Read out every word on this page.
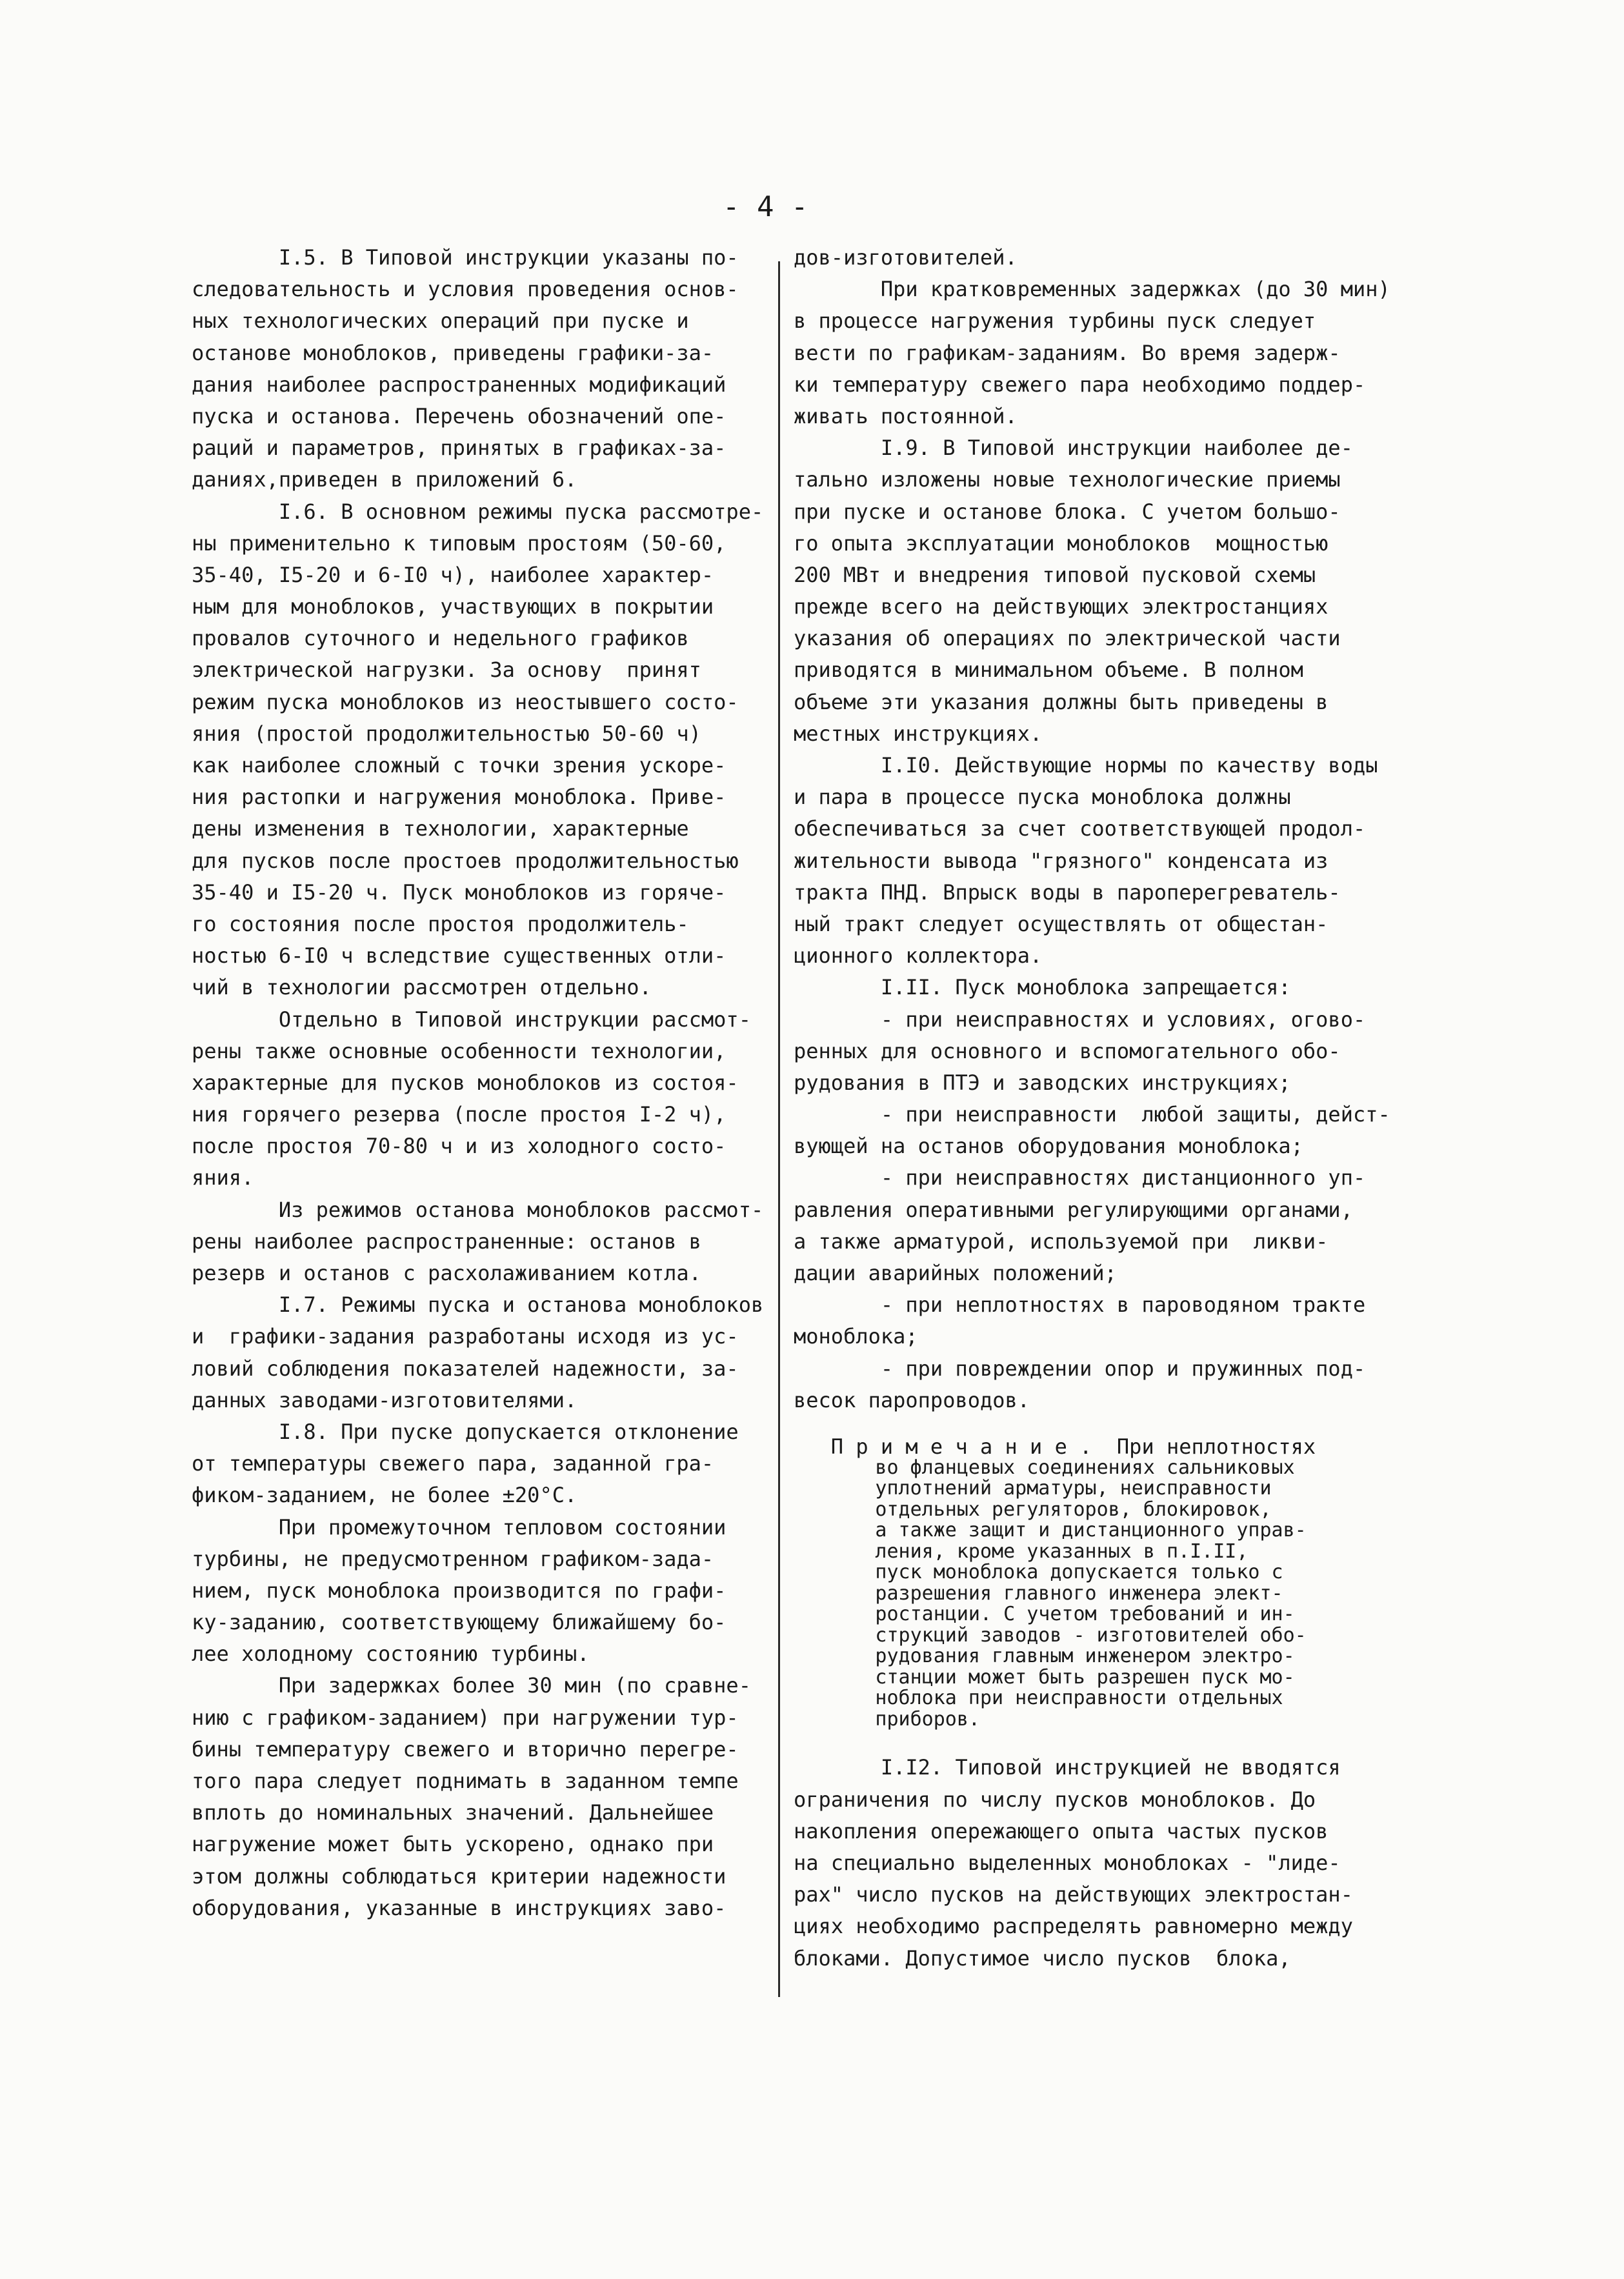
- 4 -
I.5. В Типовой инструкции указаны по-
следовательность и условия проведения основ-
ных технологических операций при пуске и
останове моноблоков, приведены графики-за-
дания наиболее распространенных модификаций
пуска и останова. Перечень обозначений опе-
раций и параметров, принятых в графиках-за-
даниях,приведен в приложений 6.
I.6. В основном режимы пуска рассмотре-
ны применительно к типовым простоям (50-60,
35-40, I5-20 и 6-I0 ч), наиболее характер-
ным для моноблоков, участвующих в покрытии
провалов суточного и недельного графиков
электрической нагрузки. За основу  принят
режим пуска моноблоков из неостывшего состо-
яния (простой продолжительностью 50-60 ч)
как наиболее сложный с точки зрения ускоре-
ния растопки и нагружения моноблока. Приве-
дены изменения в технологии, характерные
для пусков после простоев продолжительностью
35-40 и I5-20 ч. Пуск моноблоков из горяче-
го состояния после простоя продолжитель-
ностью 6-I0 ч вследствие существенных отли-
чий в технологии рассмотрен отдельно.
Отдельно в Типовой инструкции рассмот-
рены также основные особенности технологии,
характерные для пусков моноблоков из состоя-
ния горячего резерва (после простоя I-2 ч),
после простоя 70-80 ч и из холодного состо-
яния.
Из режимов останова моноблоков рассмот-
рены наиболее распространенные: останов в
резерв и останов с расхолаживанием котла.
I.7. Режимы пуска и останова моноблоков
и  графики-задания разработаны исходя из ус-
ловий соблюдения показателей надежности, за-
данных заводами-изготовителями.
I.8. При пуске допускается отклонение
от температуры свежего пара, заданной гра-
фиком-заданием, не более ±20°С.
При промежуточном тепловом состоянии
турбины, не предусмотренном графиком-зада-
нием, пуск моноблока производится по графи-
ку-заданию, соответствующему ближайшему бо-
лее холодному состоянию турбины.
При задержках более 30 мин (по сравне-
нию с графиком-заданием) при нагружении тур-
бины температуру свежего и вторично перегре-
того пара следует поднимать в заданном темпе
вплоть до номинальных значений. Дальнейшее
нагружение может быть ускорено, однако при
этом должны соблюдаться критерии надежности
оборудования, указанные в инструкциях заво-
дов-изготовителей.
При кратковременных задержках (до 30 мин)
в процессе нагружения турбины пуск следует
вести по графикам-заданиям. Во время задерж-
ки температуру свежего пара необходимо поддер-
живать постоянной.
I.9. В Типовой инструкции наиболее де-
тально изложены новые технологические приемы
при пуске и останове блока. С учетом большо-
го опыта эксплуатации моноблоков  мощностью
200 МВт и внедрения типовой пусковой схемы
прежде всего на действующих электростанциях
указания об операциях по электрической части
приводятся в минимальном объеме. В полном
объеме эти указания должны быть приведены в
местных инструкциях.
I.I0. Действующие нормы по качеству воды
и пара в процессе пуска моноблока должны
обеспечиваться за счет соответствующей продол-
жительности вывода "грязного" конденсата из
тракта ПНД. Впрыск воды в пароперегреватель-
ный тракт следует осуществлять от общестан-
ционного коллектора.
I.II. Пуск моноблока запрещается:
- при неисправностях и условиях, огово-
ренных для основного и вспомогательного обо-
рудования в ПТЭ и заводских инструкциях;
- при неисправности  любой защиты, дейст-
вующей на останов оборудования моноблока;
- при неисправностях дистанционного уп-
равления оперативными регулирующими органами,
а также арматурой, используемой при  ликви-
дации аварийных положений;
- при неплотностях в пароводяном тракте
моноблока;
- при повреждении опор и пружинных под-
весок паропроводов.
П р и м е ч а н и е .  При неплотностях
во фланцевых соединениях сальниковых
уплотнений арматуры, неисправности
отдельных регуляторов, блокировок,
а также защит и дистанционного управ-
ления, кроме указанных в п.I.II,
пуск моноблока допускается только с
разрешения главного инженера элект-
ростанции. С учетом требований и ин-
струкций заводов - изготовителей обо-
рудования главным инженером электро-
станции может быть разрешен пуск мо-
ноблока при неисправности отдельных
приборов.
I.I2. Типовой инструкцией не вводятся
ограничения по числу пусков моноблоков. До
накопления опережающего опыта частых пусков
на специально выделенных моноблоках - "лиде-
рах" число пусков на действующих электростан-
циях необходимо распределять равномерно между
блоками. Допустимое число пусков  блока,
